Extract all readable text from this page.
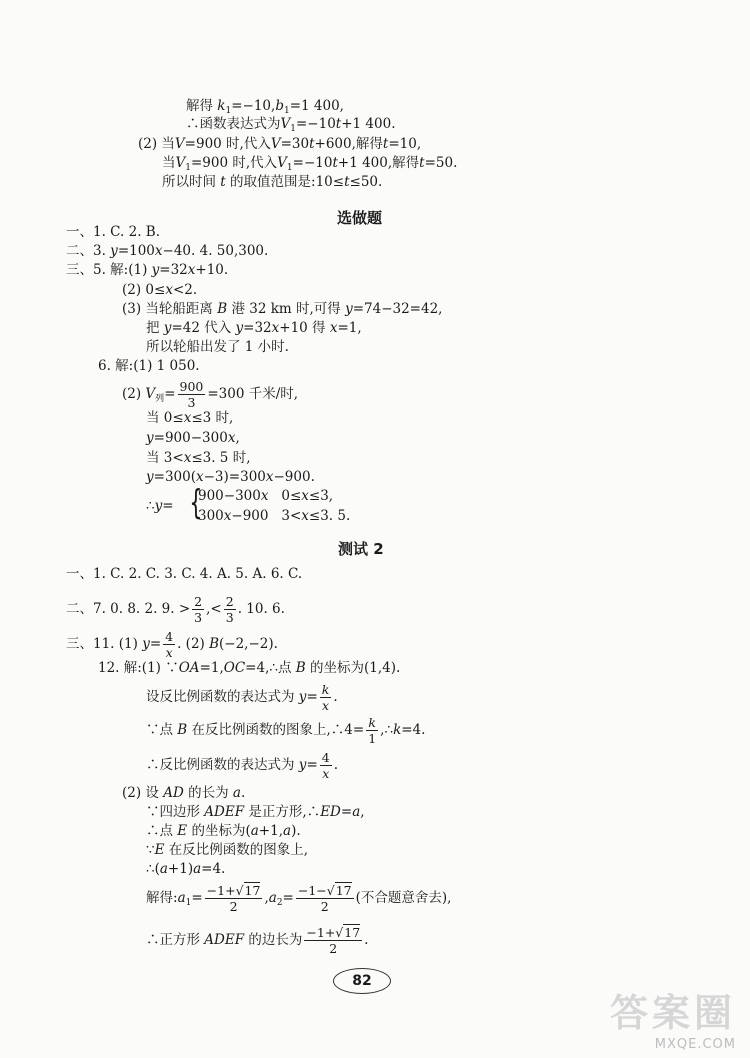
解得 $k_1=-10,b_1=1$ 400,
∴函数表达式为$V_1=-10t+1$ 400.
(2) 当V=900 时,代入V=30t+600,解得t=10,
当$V_1=900$ 时,代入$V_1=-10t+1$ 400,解得t=50.
所以时间 t 的取值范围是:10≤t≤50.
选做题
一、1. C. 2. B.
二、3. y=100x−40. 4. 50,300.
三、5. 解:(1) y=32x+10.
(2) 0≤x<2.
(3) 当轮船距离 B 港 32 km 时,可得 y=74−32=42,
把 y=42 代入 y=32x+10 得 x=1,
所以轮船出发了 1 小时.
6. 解:(1) 1 050.
(2) $V_列= \frac{900}{3} =300$ 千米/时,
当 0≤x≤3 时,
y=900−300x,
当 3<x≤3. 5 时,
y=300(x−3)=300x−900.
∴y= {
900−300x 0≤x≤3,
300x−900 3<x≤3. 5.
测试 2
一、1. C. 2. C. 3. C. 4. A. 5. A. 6. C.
二、7. 0. 8. 2. 9. > $\frac{2}{3}$ ,< $\frac{2}{3}$ . 10. 6.
三、11. (1) $y= \frac{4}{x}$ . (2) B(−2,−2).
12. 解:(1) ∵OA=1,OC=4,∴点 B 的坐标为(1,4).
设反比例函数的表达式为 $y= \frac{k}{x}$ .
∵点 B 在反比例函数的图象上,∴4= $\frac{k}{1}$ ,∴k=4.
∴反比例函数的表达式为 $y= \frac{4}{x}$ .
(2) 设 AD 的长为 a.
∵四边形 ADEF 是正方形,∴ED=a,
∴点 E 的坐标为(a+1,a).
∵E 在反比例函数的图象上,
∴(a+1)a=4.
解得$:a_1= \frac{-1+√17}{2} ,a_2= \frac{-1-√17}{2}$ (不合题意舍去),
∴正方形 ADEF 的边长为 $\frac{-1+√17}{2}$ .
82
答案圈
MXQE.COM
